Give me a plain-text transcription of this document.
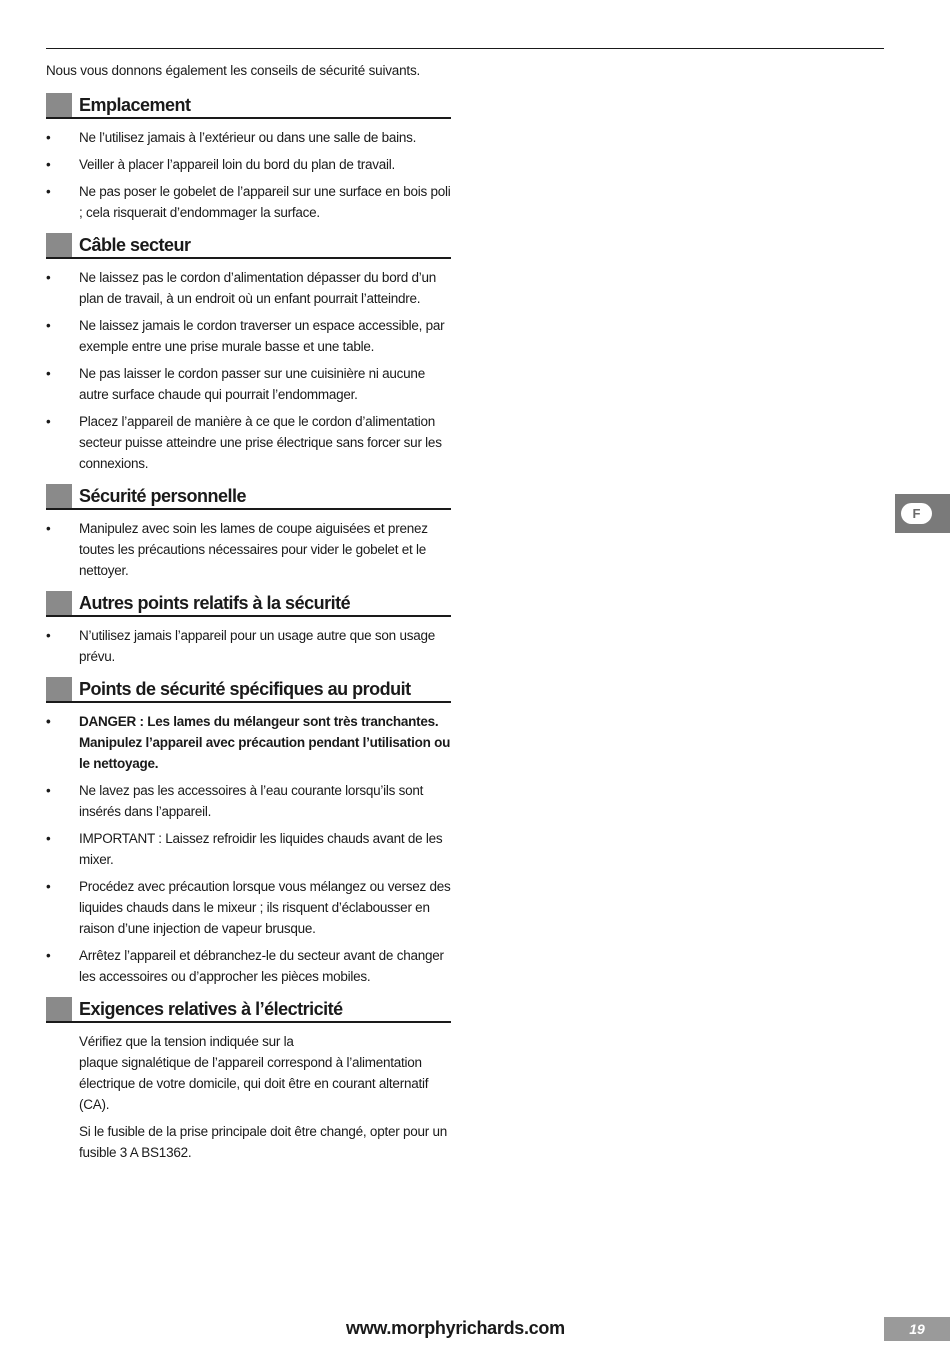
Nous vous donnons également les conseils de sécurité suivants.

Emplacement
•	Ne l’utilisez jamais à l’extérieur ou dans une salle de bains.
•	Veiller à placer l’appareil loin du bord du plan de travail.
•	Ne pas poser le gobelet de l’appareil sur une surface en bois poli ; cela risquerait d’endommager la surface.
Câble secteur
•	Ne laissez pas le cordon d’alimentation dépasser du bord d’un plan de travail, à un endroit où un enfant pourrait l’atteindre.
•	Ne laissez jamais le cordon traverser un espace accessible, par exemple entre une prise murale basse et une table.
•	Ne pas laisser le cordon passer sur une cuisinière ni aucune autre surface chaude qui pourrait l’endommager.
•	Placez l’appareil de manière à ce que le cordon d’alimentation secteur puisse atteindre une prise électrique sans forcer sur les connexions.
Sécurité personnelle
•	Manipulez avec soin les lames de coupe aiguisées et prenez toutes les précautions nécessaires pour vider le gobelet et le nettoyer.
Autres points relatifs à la sécurité
•	N’utilisez jamais l’appareil pour un usage autre que son usage prévu.
Points de sécurité spécifiques au produit
•	DANGER : Les lames du mélangeur sont très tranchantes. Manipulez l’appareil avec précaution pendant l’utilisation ou le nettoyage.
•	Ne lavez pas les accessoires à l’eau courante lorsqu’ils sont insérés dans l’appareil.
•	IMPORTANT : Laissez refroidir les liquides chauds avant de les mixer.
•	Procédez avec précaution lorsque vous mélangez ou versez des liquides chauds dans le mixeur ; ils risquent d’éclabousser en raison d’une injection de vapeur brusque.
•	Arrêtez l’appareil et débranchez-le du secteur avant de changer les accessoires ou d’approcher les pièces mobiles.
Exigences relatives à l’électricité
Vérifiez que la tension indiquée sur la
plaque signalétique de l’appareil correspond à l’alimentation électrique de votre domicile, qui doit être en courant alternatif (CA).
Si le fusible de la prise principale doit être changé, opter pour un fusible 3 A BS1362.
F
www.morphyrichards.com	19
